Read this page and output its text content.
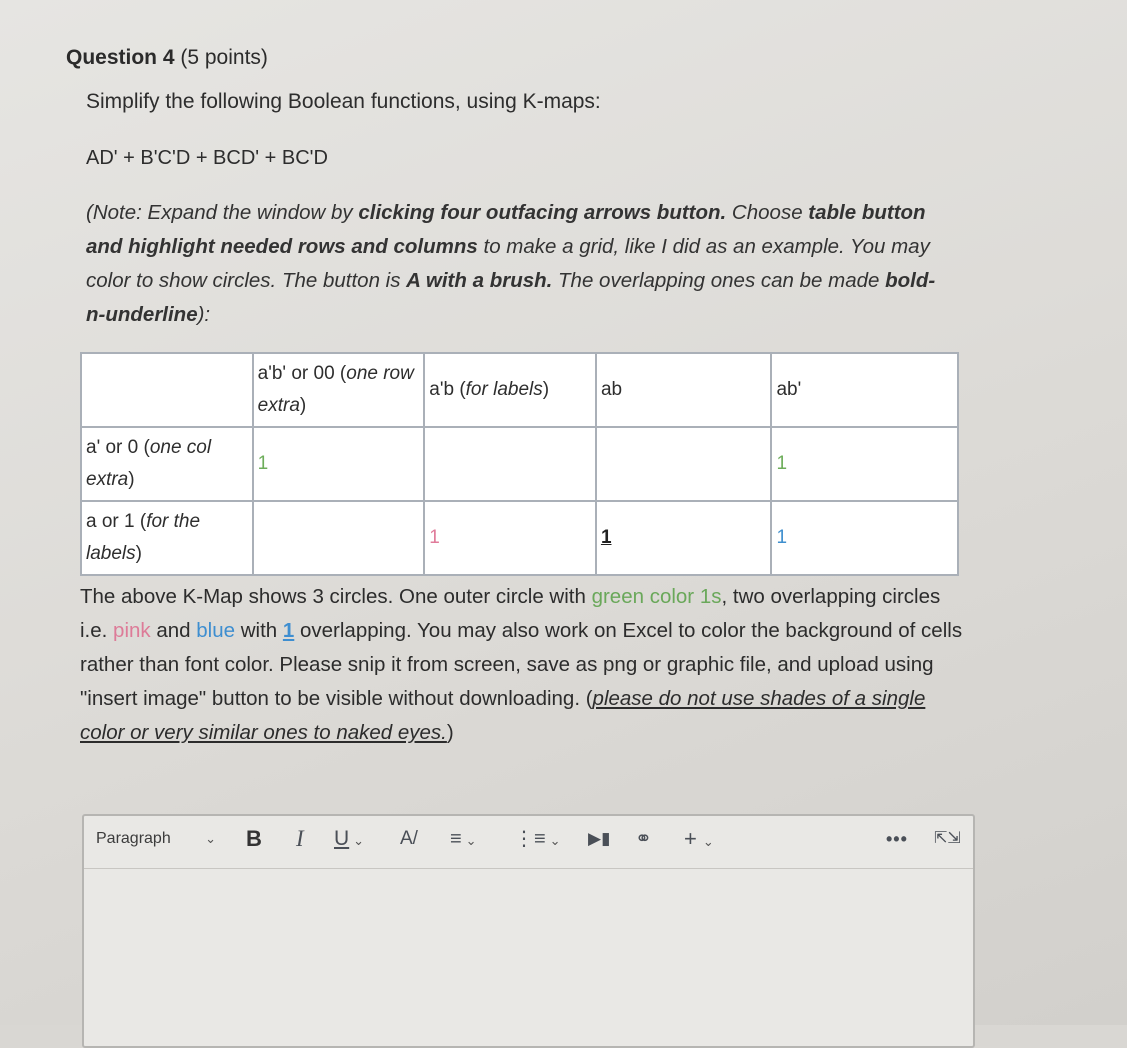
Question 4 (5 points)
Simplify the following Boolean functions, using K-maps:
AD' + B'C'D + BCD' + BC'D
(Note: Expand the window by clicking four outfacing arrows button. Choose table button and highlight needed rows and columns to make a grid, like I did as an example. You may color to show circles. The button is A with a brush. The overlapping ones can be made bold-n-underline):
	a'b' or 00 (one row extra)	a'b (for labels)	ab	ab'
a' or 0 (one col extra)	1			1
a or 1 (for the labels)		1	1	1
The above K-Map shows 3 circles. One outer circle with green color 1s, two overlapping circles i.e. pink and blue with 1 overlapping. You may also work on Excel to color the background of cells rather than font color. Please snip it from screen, save as png or graphic file, and upload using "insert image" button to be visible without downloading. (please do not use shades of a single color or very similar ones to naked eyes.)
Paragraph	⌄ B I U ⌄ A/ ≡ ⌄ ⋮≡ ⌄ ▶▮ ⚭ + ⌄	••• ⇱⇲
